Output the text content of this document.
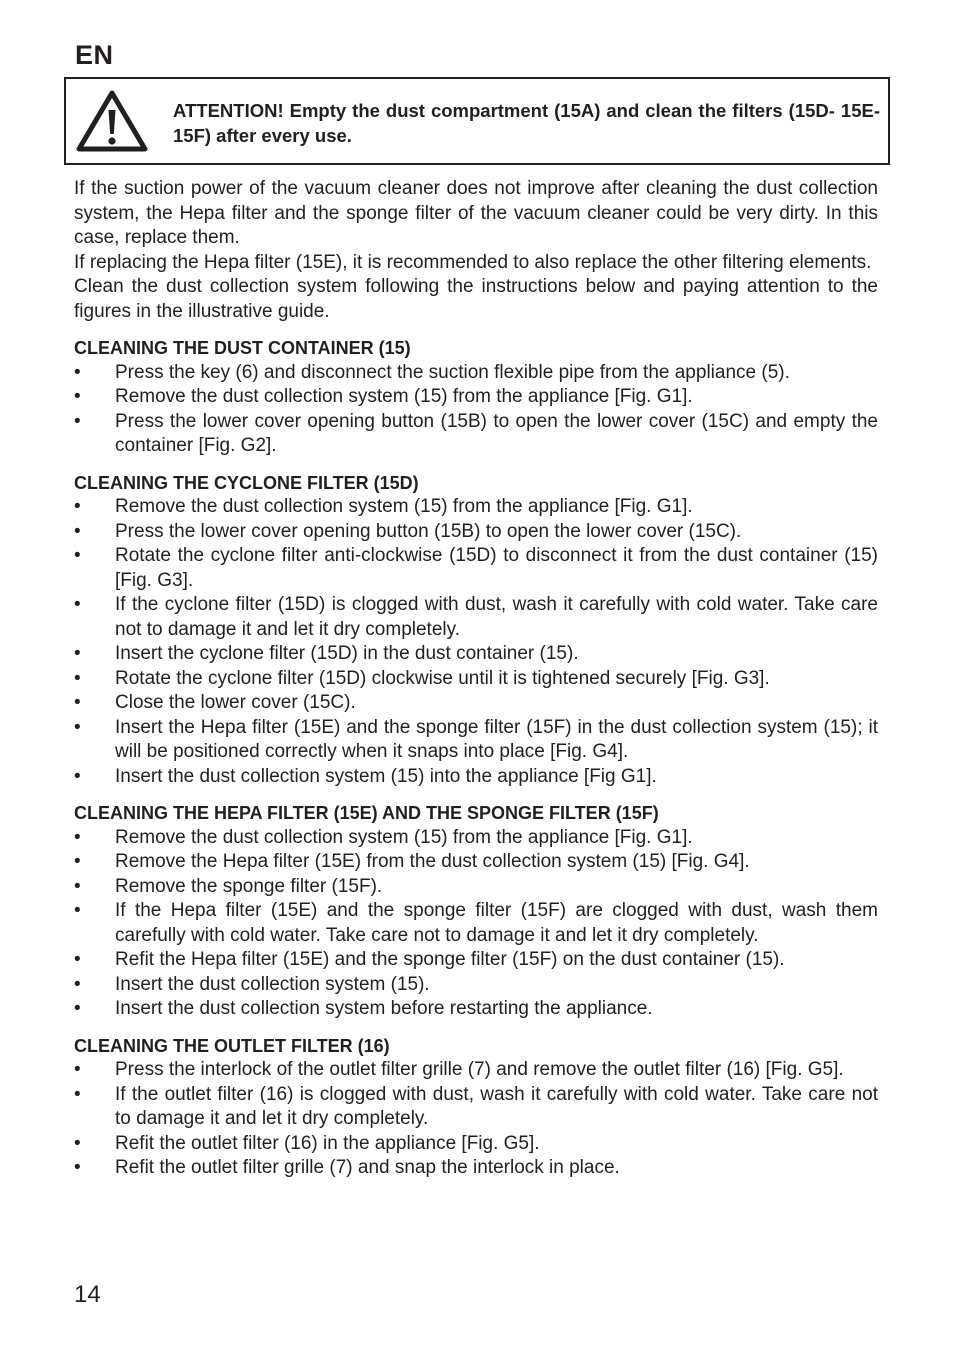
EN
ATTENTION! Empty the dust compartment (15A) and clean the filters (15D- 15E-15F) after every use.

If the suction power of the vacuum cleaner does not improve after cleaning the dust collection system, the Hepa filter and the sponge filter of the vacuum cleaner could be very dirty. In this case, replace them.

If replacing the Hepa filter (15E), it is recommended to also replace the other filtering elements.

Clean the dust collection system following the instructions below and paying attention to the figures in the illustrative guide.

CLEANING THE DUST CONTAINER (15)
• Press the key (6) and disconnect the suction flexible pipe from the appliance (5).
• Remove the dust collection system (15) from the appliance [Fig. G1].
• Press the lower cover opening button (15B) to open the lower cover (15C) and empty the container [Fig. G2].
CLEANING THE CYCLONE FILTER (15D)
• Remove the dust collection system (15) from the appliance [Fig. G1].
• Press the lower cover opening button (15B) to open the lower cover (15C).
• Rotate the cyclone filter anti-clockwise (15D) to disconnect it from the dust container (15) [Fig. G3].
• If the cyclone filter (15D) is clogged with dust, wash it carefully with cold water. Take care not to damage it and let it dry completely.
• Insert the cyclone filter (15D) in the dust container (15).
• Rotate the cyclone filter (15D) clockwise until it is tightened securely [Fig. G3].
• Close the lower cover (15C).
• Insert the Hepa filter (15E) and the sponge filter (15F) in the dust collection system (15); it will be positioned correctly when it snaps into place [Fig. G4].
• Insert the dust collection system (15) into the appliance [Fig G1].
CLEANING THE HEPA FILTER (15E) AND THE SPONGE FILTER (15F)
• Remove the dust collection system (15) from the appliance [Fig. G1].
• Remove the Hepa filter (15E) from the dust collection system (15) [Fig. G4].
• Remove the sponge filter (15F).
• If the Hepa filter (15E) and the sponge filter (15F) are clogged with dust, wash them carefully with cold water. Take care not to damage it and let it dry completely.
• Refit the Hepa filter (15E) and the sponge filter (15F) on the dust container (15).
• Insert the dust collection system (15).
• Insert the dust collection system before restarting the appliance.
CLEANING THE OUTLET FILTER (16)
• Press the interlock of the outlet filter grille (7) and remove the outlet filter (16) [Fig. G5].
• If the outlet filter (16) is clogged with dust, wash it carefully with cold water. Take care not to damage it and let it dry completely.
• Refit the outlet filter (16) in the appliance [Fig. G5].
• Refit the outlet filter grille (7) and snap the interlock in place.
14
